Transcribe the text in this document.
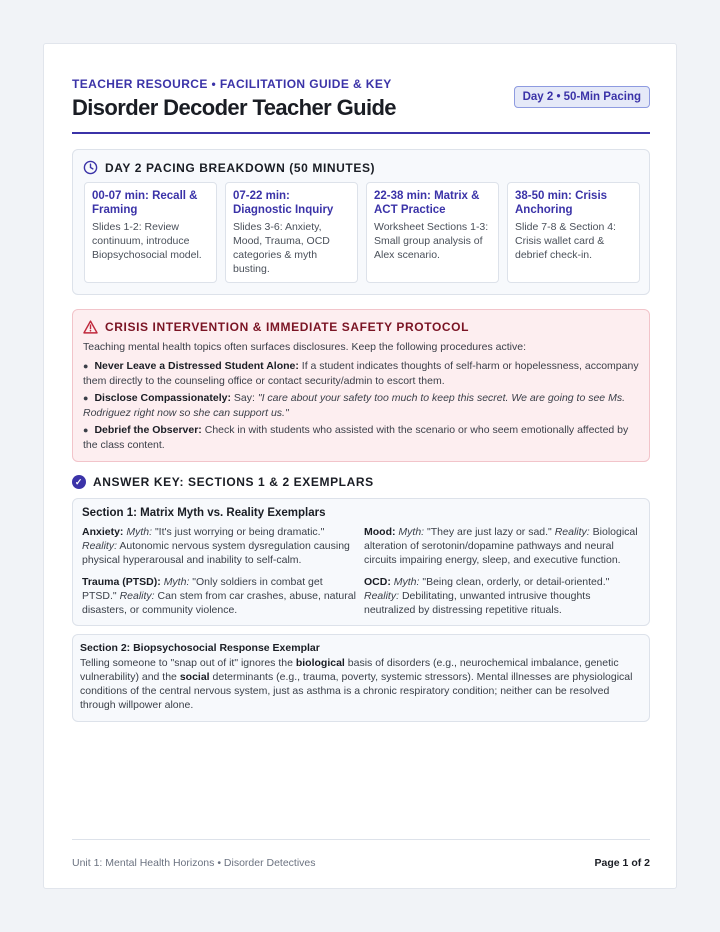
TEACHER RESOURCE • FACILITATION GUIDE & KEY
Disorder Decoder Teacher Guide	Day 2 • 50-Min Pacing
DAY 2 PACING BREAKDOWN (50 MINUTES)
00-07 min: Recall & Framing
Slides 1-2: Review continuum, introduce Biopsychosocial model.
07-22 min: Diagnostic Inquiry
Slides 3-6: Anxiety, Mood, Trauma, OCD categories & myth busting.
22-38 min: Matrix & ACT Practice
Worksheet Sections 1-3: Small group analysis of Alex scenario.
38-50 min: Crisis Anchoring
Slide 7-8 & Section 4: Crisis wallet card & debrief check-in.
CRISIS INTERVENTION & IMMEDIATE SAFETY PROTOCOL
Teaching mental health topics often surfaces disclosures. Keep the following procedures active:
● Never Leave a Distressed Student Alone: If a student indicates thoughts of self-harm or hopelessness, accompany them directly to the counseling office or contact security/admin to escort them.
● Disclose Compassionately: Say: "I care about your safety too much to keep this secret. We are going to see Ms. Rodriguez right now so she can support us."
● Debrief the Observer: Check in with students who assisted with the scenario or who seem emotionally affected by the class content.
✓ ANSWER KEY: SECTIONS 1 & 2 EXEMPLARS
Section 1: Matrix Myth vs. Reality Exemplars
Anxiety: Myth: "It's just worrying or being dramatic." Reality: Autonomic nervous system dysregulation causing physical hyperarousal and inability to self-calm.
Mood: Myth: "They are just lazy or sad." Reality: Biological alteration of serotonin/dopamine pathways and neural circuits impairing energy, sleep, and executive function.
Trauma (PTSD): Myth: "Only soldiers in combat get PTSD." Reality: Can stem from car crashes, abuse, natural disasters, or community violence.
OCD: Myth: "Being clean, orderly, or detail-oriented." Reality: Debilitating, unwanted intrusive thoughts neutralized by distressing repetitive rituals.
Section 2: Biopsychosocial Response Exemplar
Telling someone to "snap out of it" ignores the biological basis of disorders (e.g., neurochemical imbalance, genetic vulnerability) and the social determinants (e.g., trauma, poverty, systemic stressors). Mental illnesses are physiological conditions of the central nervous system, just as asthma is a chronic respiratory condition; neither can be resolved through willpower alone.
Unit 1: Mental Health Horizons • Disorder Detectives	Page 1 of 2
